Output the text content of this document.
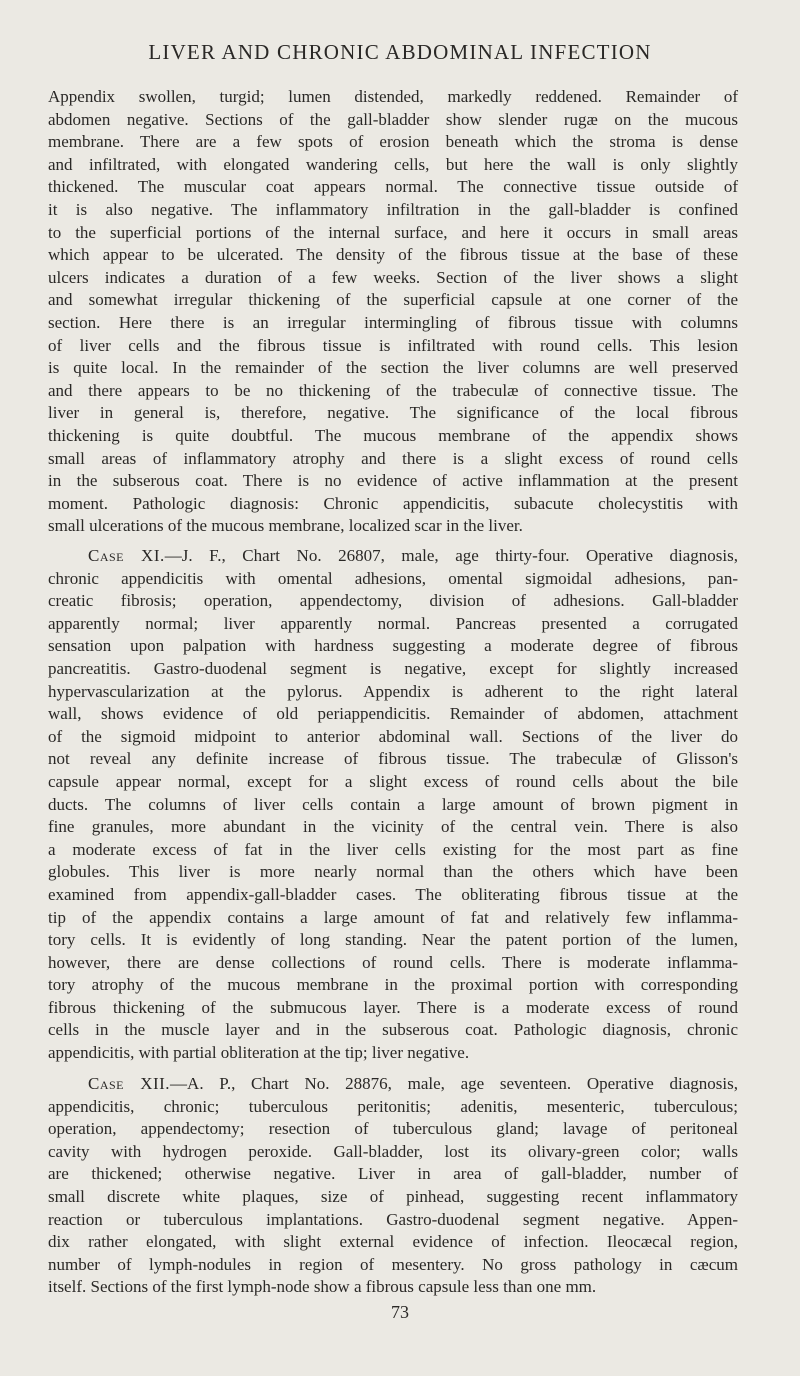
LIVER AND CHRONIC ABDOMINAL INFECTION
Appendix swollen, turgid; lumen distended, markedly reddened. Remainder of
abdomen negative. Sections of the gall-bladder show slender rugæ on the mucous
membrane. There are a few spots of erosion beneath which the stroma is dense
and infiltrated, with elongated wandering cells, but here the wall is only slightly
thickened. The muscular coat appears normal. The connective tissue outside of
it is also negative. The inflammatory infiltration in the gall-bladder is confined
to the superficial portions of the internal surface, and here it occurs in small areas
which appear to be ulcerated. The density of the fibrous tissue at the base of these
ulcers indicates a duration of a few weeks. Section of the liver shows a slight
and somewhat irregular thickening of the superficial capsule at one corner of the
section. Here there is an irregular intermingling of fibrous tissue with columns
of liver cells and the fibrous tissue is infiltrated with round cells. This lesion
is quite local. In the remainder of the section the liver columns are well preserved
and there appears to be no thickening of the trabeculæ of connective tissue. The
liver in general is, therefore, negative. The significance of the local fibrous
thickening is quite doubtful. The mucous membrane of the appendix shows
small areas of inflammatory atrophy and there is a slight excess of round cells
in the subserous coat. There is no evidence of active inflammation at the present
moment. Pathologic diagnosis: Chronic appendicitis, subacute cholecystitis with
small ulcerations of the mucous membrane, localized scar in the liver.
Case XI.—J. F., Chart No. 26807, male, age thirty-four. Operative diagnosis,
chronic appendicitis with omental adhesions, omental sigmoidal adhesions, pan-
creatic fibrosis; operation, appendectomy, division of adhesions. Gall-bladder
apparently normal; liver apparently normal. Pancreas presented a corrugated
sensation upon palpation with hardness suggesting a moderate degree of fibrous
pancreatitis. Gastro-duodenal segment is negative, except for slightly increased
hypervascularization at the pylorus. Appendix is adherent to the right lateral
wall, shows evidence of old periappendicitis. Remainder of abdomen, attachment
of the sigmoid midpoint to anterior abdominal wall. Sections of the liver do
not reveal any definite increase of fibrous tissue. The trabeculæ of Glisson's
capsule appear normal, except for a slight excess of round cells about the bile
ducts. The columns of liver cells contain a large amount of brown pigment in
fine granules, more abundant in the vicinity of the central vein. There is also
a moderate excess of fat in the liver cells existing for the most part as fine
globules. This liver is more nearly normal than the others which have been
examined from appendix-gall-bladder cases. The obliterating fibrous tissue at the
tip of the appendix contains a large amount of fat and relatively few inflamma-
tory cells. It is evidently of long standing. Near the patent portion of the lumen,
however, there are dense collections of round cells. There is moderate inflamma-
tory atrophy of the mucous membrane in the proximal portion with corresponding
fibrous thickening of the submucous layer. There is a moderate excess of round
cells in the muscle layer and in the subserous coat. Pathologic diagnosis, chronic
appendicitis, with partial obliteration at the tip; liver negative.
Case XII.—A. P., Chart No. 28876, male, age seventeen. Operative diagnosis,
appendicitis, chronic; tuberculous peritonitis; adenitis, mesenteric, tuberculous;
operation, appendectomy; resection of tuberculous gland; lavage of peritoneal
cavity with hydrogen peroxide. Gall-bladder, lost its olivary-green color; walls
are thickened; otherwise negative. Liver in area of gall-bladder, number of
small discrete white plaques, size of pinhead, suggesting recent inflammatory
reaction or tuberculous implantations. Gastro-duodenal segment negative. Appen-
dix rather elongated, with slight external evidence of infection. Ileocæcal region,
number of lymph-nodules in region of mesentery. No gross pathology in cæcum
itself. Sections of the first lymph-node show a fibrous capsule less than one mm.
73
